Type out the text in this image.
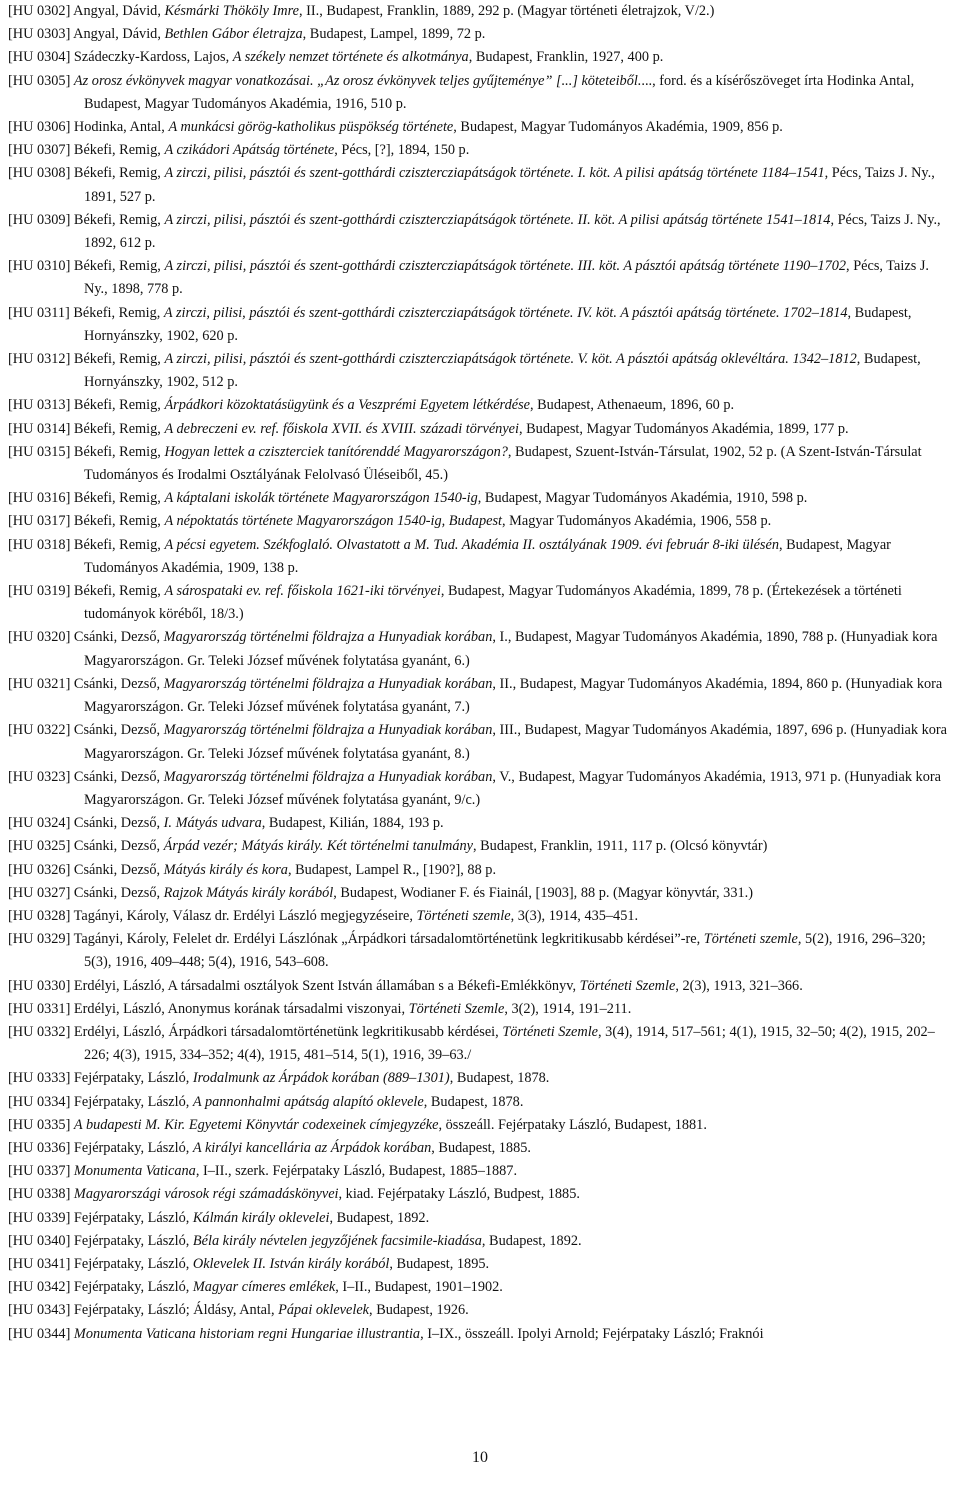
[HU 0302] Angyal, Dávid, Késmárki Thököly Imre, II., Budapest, Franklin, 1889, 292 p. (Magyar történeti életrajzok, V/2.)
[HU 0303] Angyal, Dávid, Bethlen Gábor életrajza, Budapest, Lampel, 1899, 72 p.
[HU 0304] Szádeczky-Kardoss, Lajos, A székely nemzet története és alkotmánya, Budapest, Franklin, 1927, 400 p.
[HU 0305] Az orosz évkönyvek magyar vonatkozásai. „Az orosz évkönyvek teljes gyűjteménye” [...] köteteiből...., ford. és a kísérőszöveget írta Hodinka Antal, Budapest, Magyar Tudományos Akadémia, 1916, 510 p.
[HU 0306] Hodinka, Antal, A munkácsi görög-katholikus püspökség története, Budapest, Magyar Tudományos Akadémia, 1909, 856 p.
[HU 0307] Békefi, Remig, A czikádori Apátság története, Pécs, [?], 1894, 150 p.
[HU 0308] Békefi, Remig, A zirczi, pilisi, pásztói és szent-gotthárdi czisztercziapátságok története. I. köt. A pilisi apátság története 1184–1541, Pécs, Taizs J. Ny., 1891, 527 p.
[HU 0309] Békefi, Remig, A zirczi, pilisi, pásztói és szent-gotthárdi czisztercziapátságok története. II. köt. A pilisi apátság története 1541–1814, Pécs, Taizs J. Ny., 1892, 612 p.
[HU 0310] Békefi, Remig, A zirczi, pilisi, pásztói és szent-gotthárdi czisztercziapátságok története. III. köt. A pásztói apátság története 1190–1702, Pécs, Taizs J. Ny., 1898, 778 p.
[HU 0311] Békefi, Remig, A zirczi, pilisi, pásztói és szent-gotthárdi czisztercziapátságok története. IV. köt. A pásztói apátság története. 1702–1814, Budapest, Hornyánszky, 1902, 620 p.
[HU 0312] Békefi, Remig, A zirczi, pilisi, pásztói és szent-gotthárdi czisztercziapátságok története. V. köt. A pásztói apátság oklevéltára. 1342–1812, Budapest, Hornyánszky, 1902, 512 p.
[HU 0313] Békefi, Remig, Árpádkori közoktatásügyünk és a Veszprémi Egyetem létkérdése, Budapest, Athenaeum, 1896, 60 p.
[HU 0314] Békefi, Remig, A debreczeni ev. ref. főiskola XVII. és XVIII. századi törvényei, Budapest, Magyar Tudományos Akadémia, 1899, 177 p.
[HU 0315] Békefi, Remig, Hogyan lettek a cziszterciek tanítórenddé Magyarországon?, Budapest, Szuent-István-Társulat, 1902, 52 p. (A Szent-István-Társulat Tudományos és Irodalmi Osztályának Felolvasó Üléseiből, 45.)
[HU 0316] Békefi, Remig, A káptalani iskolák története Magyarországon 1540-ig, Budapest, Magyar Tudományos Akadémia, 1910, 598 p.
[HU 0317] Békefi, Remig, A népoktatás története Magyarországon 1540-ig, Budapest, Magyar Tudományos Akadémia, 1906, 558 p.
[HU 0318] Békefi, Remig, A pécsi egyetem. Székfoglaló. Olvastatott a M. Tud. Akadémia II. osztályának 1909. évi február 8-iki ülésén, Budapest, Magyar Tudományos Akadémia, 1909, 138 p.
[HU 0319] Békefi, Remig, A sárospataki ev. ref. főiskola 1621-iki törvényei, Budapest, Magyar Tudományos Akadémia, 1899, 78 p. (Értekezések a történeti tudományok köréből, 18/3.)
[HU 0320] Csánki, Dezső, Magyarország történelmi földrajza a Hunyadiak korában, I., Budapest, Magyar Tudományos Akadémia, 1890, 788 p. (Hunyadiak kora Magyarországon. Gr. Teleki József művének folytatása gyanánt, 6.)
[HU 0321] Csánki, Dezső, Magyarország történelmi földrajza a Hunyadiak korában, II., Budapest, Magyar Tudományos Akadémia, 1894, 860 p. (Hunyadiak kora Magyarországon. Gr. Teleki József művének folytatása gyanánt, 7.)
[HU 0322] Csánki, Dezső, Magyarország történelmi földrajza a Hunyadiak korában, III., Budapest, Magyar Tudományos Akadémia, 1897, 696 p. (Hunyadiak kora Magyarországon. Gr. Teleki József művének folytatása gyanánt, 8.)
[HU 0323] Csánki, Dezső, Magyarország történelmi földrajza a Hunyadiak korában, V., Budapest, Magyar Tudományos Akadémia, 1913, 971 p. (Hunyadiak kora Magyarországon. Gr. Teleki József művének folytatása gyanánt, 9/c.)
[HU 0324] Csánki, Dezső, I. Mátyás udvara, Budapest, Kilián, 1884, 193 p.
[HU 0325] Csánki, Dezső, Árpád vezér; Mátyás király. Két történelmi tanulmány, Budapest, Franklin, 1911, 117 p. (Olcsó könyvtár)
[HU 0326] Csánki, Dezső, Mátyás király és kora, Budapest, Lampel R., [190?], 88 p.
[HU 0327] Csánki, Dezső, Rajzok Mátyás király korából, Budapest, Wodianer F. és Fiainál, [1903], 88 p. (Magyar könyvtár, 331.)
[HU 0328] Tagányi, Károly, Válasz dr. Erdélyi László megjegyzéseire, Történeti szemle, 3(3), 1914, 435–451.
[HU 0329] Tagányi, Károly, Felelet dr. Erdélyi Lászlónak „Árpádkori társadalomtörténetünk legkritikusabb kérdései”-re, Történeti szemle, 5(2), 1916, 296–320; 5(3), 1916, 409–448; 5(4), 1916, 543–608.
[HU 0330] Erdélyi, László, A társadalmi osztályok Szent István államában s a Békefi-Emlékkönyv, Történeti Szemle, 2(3), 1913, 321–366.
[HU 0331] Erdélyi, László, Anonymus korának társadalmi viszonyai, Történeti Szemle, 3(2), 1914, 191–211.
[HU 0332] Erdélyi, László, Árpádkori társadalomtörténetünk legkritikusabb kérdései, Történeti Szemle, 3(4), 1914, 517–561; 4(1), 1915, 32–50; 4(2), 1915, 202–226; 4(3), 1915, 334–352; 4(4), 1915, 481–514, 5(1), 1916, 39–63./
[HU 0333] Fejérpataky, László, Irodalmunk az Árpádok korában (889–1301), Budapest, 1878.
[HU 0334] Fejérpataky, László, A pannonhalmi apátság alapító oklevele, Budapest, 1878.
[HU 0335] A budapesti M. Kir. Egyetemi Könyvtár codexeinek címjegyzéke, összeáll. Fejérpataky László, Budapest, 1881.
[HU 0336] Fejérpataky, László, A királyi kancellária az Árpádok korában, Budapest, 1885.
[HU 0337] Monumenta Vaticana, I–II., szerk. Fejérpataky László, Budapest, 1885–1887.
[HU 0338] Magyarországi városok régi számadáskönyvei, kiad. Fejérpataky László, Budpest, 1885.
[HU 0339] Fejérpataky, László, Kálmán király oklevelei, Budapest, 1892.
[HU 0340] Fejérpataky, László, Béla király névtelen jegyzőjének facsimile-kiadása, Budapest, 1892.
[HU 0341] Fejérpataky, László, Oklevelek II. István király korából, Budapest, 1895.
[HU 0342] Fejérpataky, László, Magyar címeres emlékek, I–II., Budapest, 1901–1902.
[HU 0343] Fejérpataky, László; Áldásy, Antal, Pápai oklevelek, Budapest, 1926.
[HU 0344] Monumenta Vaticana historiam regni Hungariae illustrantia, I–IX., összeáll. Ipolyi Arnold; Fejérpataky László; Fraknói
10
